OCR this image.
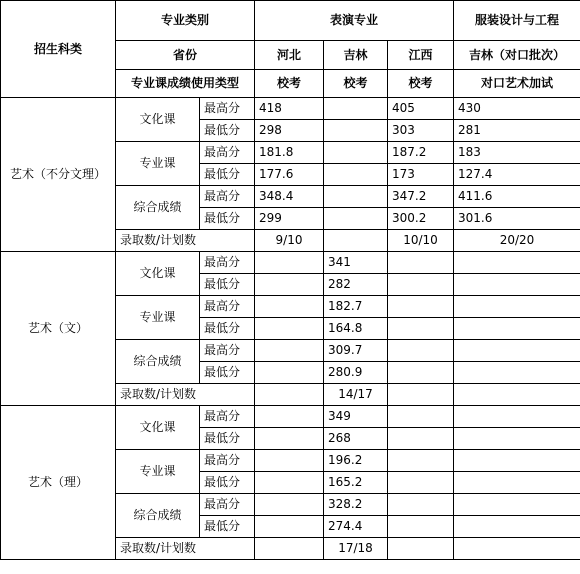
招生科类	专业类别		表演专业			服装设计与工程
	省份		河北	吉林	江西	吉林（对口批次）
	专业课成绩使用类型		校考	校考	校考	对口艺术加试
艺术（不分文理）	文化课	最高分	418		405	430
		最低分	298		303	281
	专业课	最高分	181.8		187.2	183
		最低分	177.6		173	127.4
	综合成绩	最高分	348.4		347.2	411.6
		最低分	299		300.2	301.6
	录取数/计划数		9/10		10/10	20/20
艺术（文）	文化课	最高分		341		
		最低分		282		
	专业课	最高分		182.7		
		最低分		164.8		
	综合成绩	最高分		309.7		
		最低分		280.9		
	录取数/计划数			14/17		
艺术（理）	文化课	最高分		349		
		最低分		268		
	专业课	最高分		196.2		
		最低分		165.2		
	综合成绩	最高分		328.2		
		最低分		274.4		
	录取数/计划数			17/18		
